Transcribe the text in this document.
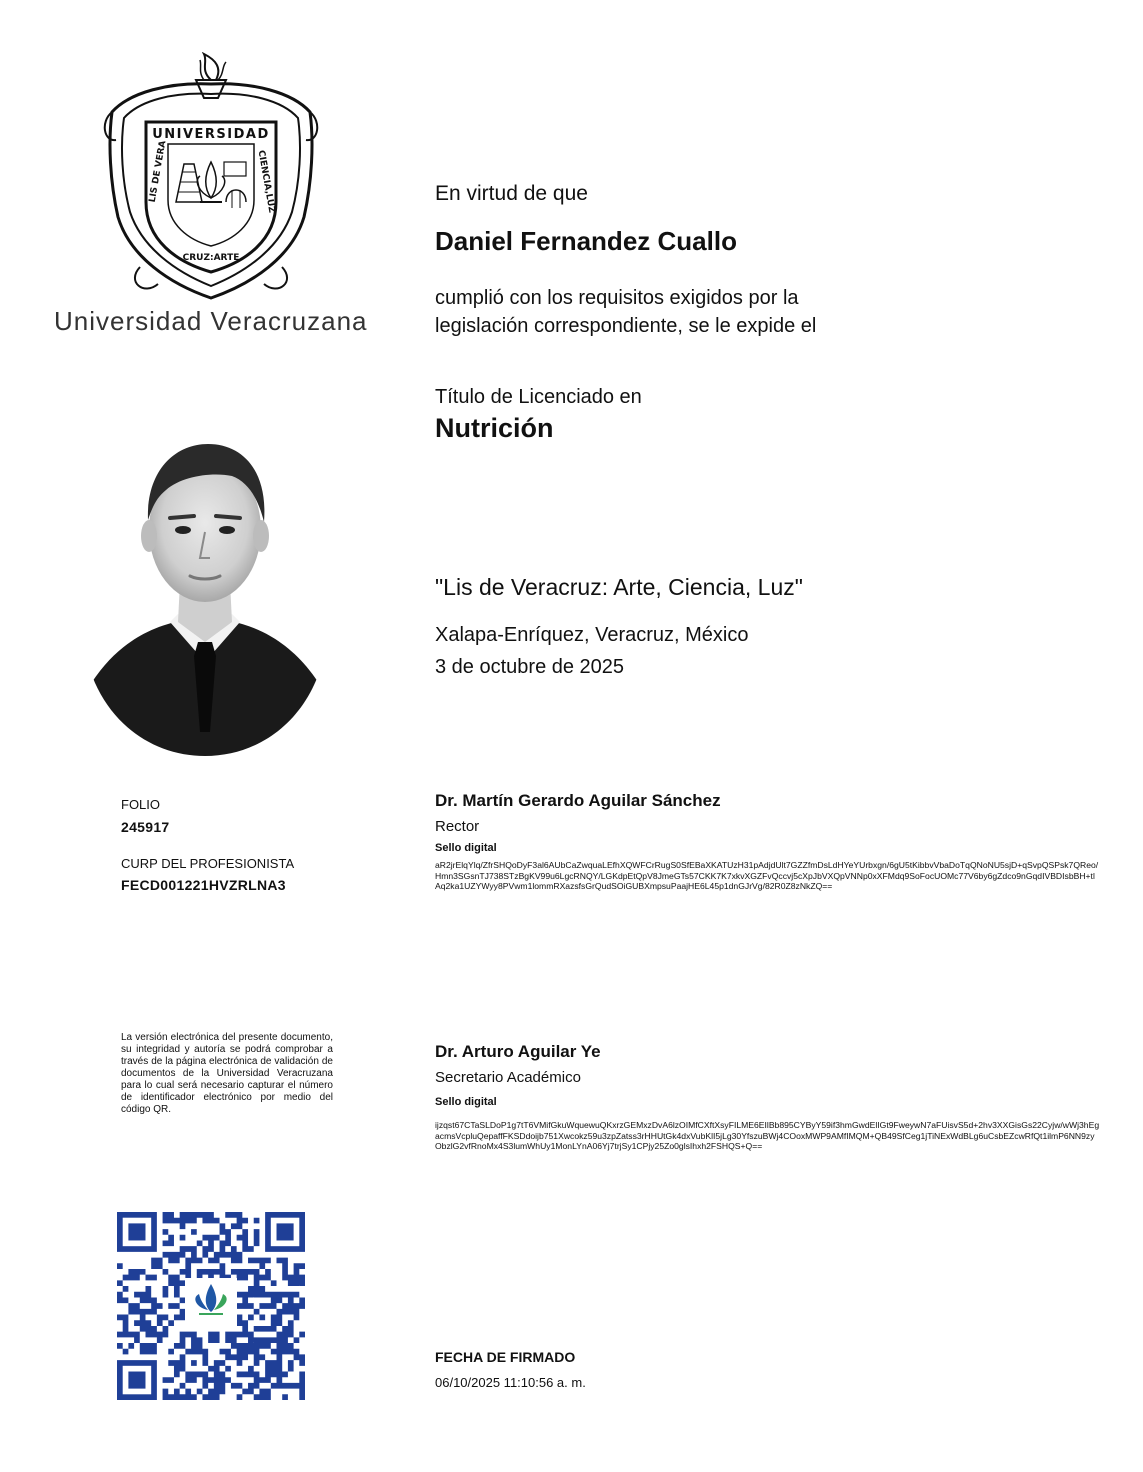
UNIVERSIDAD
LIS DE VERA
CRUZ:ARTE
CIENCIA,LUZ
Universidad Veracruzana
FOLIO
245917
CURP DEL PROFESIONISTA
FECD001221HVZRLNA3
La versión electrónica del presente documento, su integridad y autoría se podrá comprobar a través de la página electrónica de validación de documentos de la Universidad Veracruzana para lo cual será necesario capturar el número de identificador electrónico por medio del código QR.
En virtud de que
Daniel Fernandez Cuallo
cumplió con los requisitos exigidos por la legislación correspondiente, se le expide el
Título de Licenciado en
Nutrición
"Lis de Veracruz: Arte, Ciencia, Luz"
Xalapa-Enríquez, Veracruz, México
3 de octubre de 2025
Dr. Martín Gerardo Aguilar Sánchez
Rector
Sello digital
aR2jrElqYlq/ZfrSHQoDyF3al6AUbCaZwquaLEfhXQWFCrRugS0SfEBaXKATUzH31pAdjdUlt7GZZfmDsLdHYeYUrbxgn/6gU5tKibbvVbaDoTqQNoNU5sjD+qSvpQSPsk7QReo/Hmn3SGsnTJ738STzBgKV99u6LgcRNQY/LGKdpEtQpV8JmeGTs57CKK7K7xkvXGZFvQccvj5cXpJbVXQpVNNp0xXFMdq9SoFocUOMc77V6by6gZdco9nGqdIVBDIsbBH+tlAq2ka1UZYWyy8PVwm1lommRXazsfsGrQudSOiGUBXmpsuPaajHE6L45p1dnGJrVg/82R0Z8zNkZQ==
Dr. Arturo Aguilar Ye
Secretario Académico
Sello digital
ijzqst67CTaSLDoP1g7tT6VMifGkuWquewuQKxrzGEMxzDvA6lzOIMfCXftXsyFILME6EIlBb895CYByY59if3hmGwdElIGt9FweywN7aFUisvS5d+2hv3XXGisGs22Cyjw/wWj3hEgacmsVcpluQepaffFKSDdoijb751Xwcokz59u3zpZatss3rHHUtGk4dxVubKlI5jLg30YfszuBWj4COoxMWP9AMfIMQM+QB49SfCeg1jTiNExWdBLg6uCsbEZcwRfQt1ilmP6NN9zyObzlG2vfRnoMx4S3lumWhUy1MonLYnA06Yj7trjSy1CPjy25Zo0glsIhxh2FSHQS+Q==
FECHA DE FIRMADO
06/10/2025 11:10:56 a. m.
